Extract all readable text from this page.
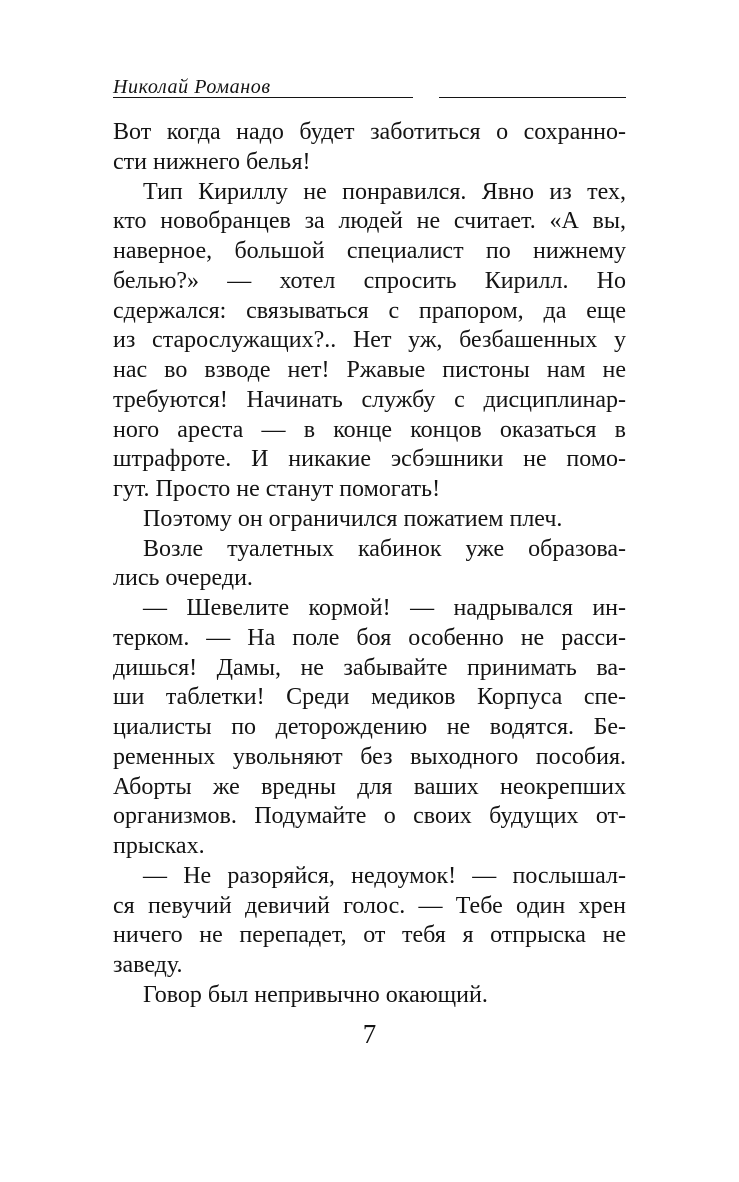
Николай Романов

Вот когда надо будет заботиться о сохранно-
сти нижнего белья!

Тип Кириллу не понравился. Явно из тех,
кто новобранцев за людей не считает. «А вы,
наверное, большой специалист по нижнему
белью?» — хотел спросить Кирилл. Но
сдержался: связываться с прапором, да еще
из старослужащих?.. Нет уж, безбашенных у
нас во взводе нет! Ржавые пистоны нам не
требуются! Начинать службу с дисциплинар-
ного ареста — в конце концов оказаться в
штрафроте. И никакие эсбэшники не помо-
гут. Просто не станут помогать!

Поэтому он ограничился пожатием плеч.

Возле туалетных кабинок уже образова-
лись очереди.

— Шевелите кормой! — надрывался ин-
терком. — На поле боя особенно не расси-
дишься! Дамы, не забывайте принимать ва-
ши таблетки! Среди медиков Корпуса спе-
циалисты по деторождению не водятся. Бе-
ременных увольняют без выходного пособия.
Аборты же вредны для ваших неокрепших
организмов. Подумайте о своих будущих от-
прысках.

— Не разоряйся, недоумок! — послышал-
ся певучий девичий голос. — Тебе один хрен
ничего не перепадет, от тебя я отпрыска не
заведу.

Говор был непривычно окающий.

7
